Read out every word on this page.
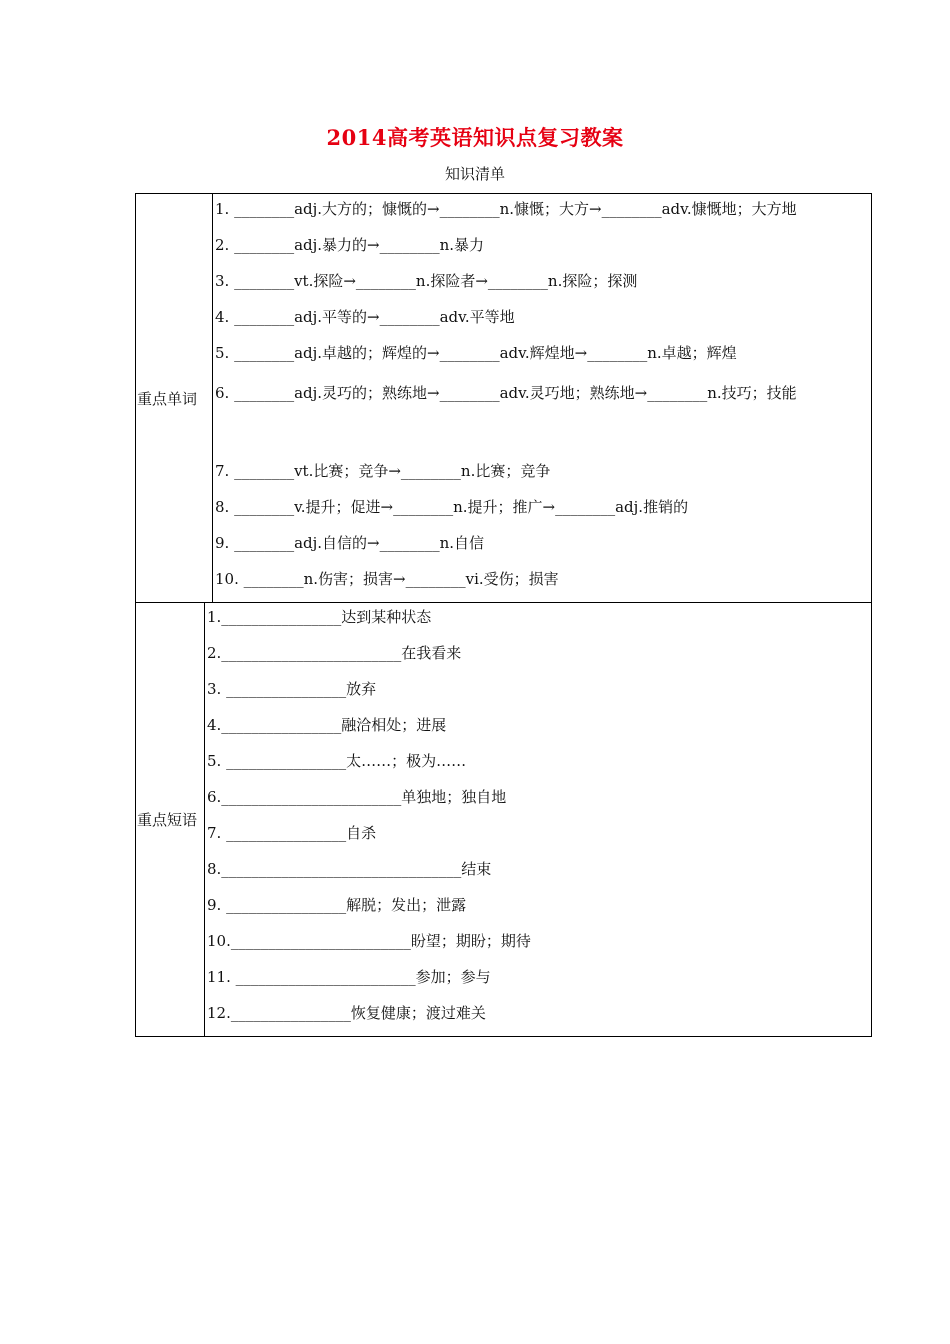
2014高考英语知识点复习教案
知识清单
重点单词
1. ________adj.大方的；慷慨的→________n.慷慨；大方→________adv.慷慨地；大方地
2. ________adj.暴力的→________n.暴力
3. ________vt.探险→________n.探险者→________n.探险；探测
4. ________adj.平等的→________adv.平等地
5. ________adj.卓越的；辉煌的→________adv.辉煌地→________n.卓越；辉煌
6. ________adj.灵巧的；熟练地→________adv.灵巧地；熟练地→________n.技巧；技能
7. ________vt.比赛；竞争→________n.比赛；竞争
8. ________v.提升；促进→________n.提升；推广→________adj.推销的
9. ________adj.自信的→________n.自信
10. ________n.伤害；损害→________vi.受伤；损害
重点短语
1.________________达到某种状态
2.________________________在我看来
3. ________________放弃
4.________________融洽相处；进展
5. ________________太……；极为……
6.________________________单独地；独自地
7. ________________自杀
8.________________________________结束
9. ________________解脱；发出；泄露
10.________________________盼望；期盼；期待
11. ________________________参加；参与
12.________________恢复健康；渡过难关
